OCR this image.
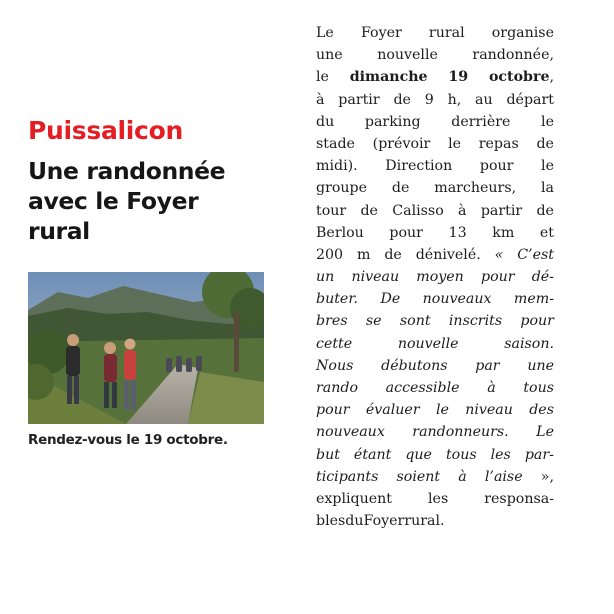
Puissalicon
Une randonnée
avec le Foyer
rural
Rendez-vous le 19 octobre.
Le Foyer rural organise
une nouvelle randonnée,
le dimanche 19 octobre,
à partir de 9 h, au départ
du parking derrière le
stade (prévoir le repas de
midi). Direction pour le
groupe de marcheurs, la
tour de Calisso à partir de
Berlou pour 13 km et
200 m de dénivelé. « C’est
un niveau moyen pour dé-
buter. De nouveaux mem-
bres se sont inscrits pour
cette	nouvelle	saison.
Nous débutons par une
rando accessible à tous
pour évaluer le niveau des
nouveaux randonneurs. Le
but étant que tous les par-
ticipants soient à l’aise »,
expliquent	les	responsa-
bles du Foyer rural.
